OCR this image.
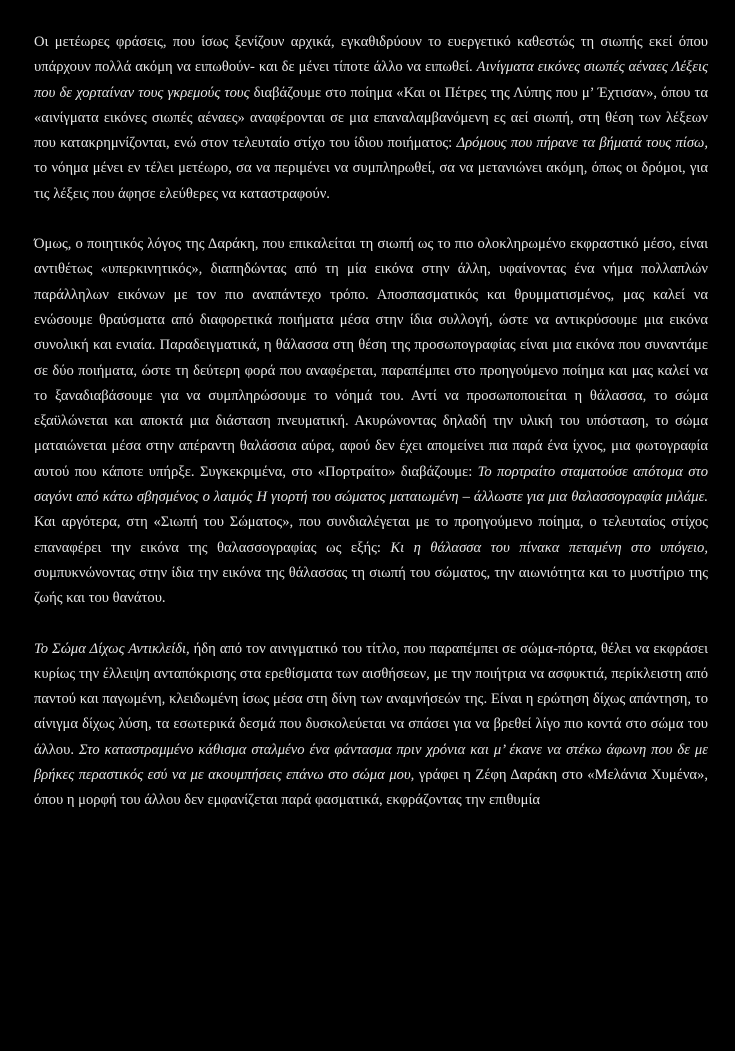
Οι μετέωρες φράσεις, που ίσως ξενίζουν αρχικά, εγκαθιδρύουν το ευεργετικό καθεστώς τη σιωπής εκεί όπου υπάρχουν πολλά ακόμη να ειπωθούν- και δε μένει τίποτε άλλο να ειπωθεί. Αινίγματα εικόνες σιωπές αέναες Λέξεις που δε χορταίναν τους γκρεμούς τους διαβάζουμε στο ποίημα «Και οι Πέτρες της Λύπης που μ’ Έχτισαν», όπου τα «αινίγματα εικόνες σιωπές αέναες» αναφέρονται σε μια επαναλαμβανόμενη ες αεί σιωπή, στη θέση των λέξεων που κατακρημνίζονται, ενώ στον τελευταίο στίχο του ίδιου ποιήματος: Δρόμους που πήρανε τα βήματά τους πίσω, το νόημα μένει εν τέλει μετέωρο, σα να περιμένει να συμπληρωθεί, σα να μετανιώνει ακόμη, όπως οι δρόμοι, για τις λέξεις που άφησε ελεύθερες να καταστραφούν.

Όμως, ο ποιητικός λόγος της Δαράκη, που επικαλείται τη σιωπή ως το πιο ολοκληρωμένο εκφραστικό μέσο, είναι αντιθέτως «υπερκινητικός», διαπηδώντας από τη μία εικόνα στην άλλη, υφαίνοντας ένα νήμα πολλαπλών παράλληλων εικόνων με τον πιο αναπάντεχο τρόπο. Αποσπασματικός και θρυμματισμένος, μας καλεί να ενώσουμε θραύσματα από διαφορετικά ποιήματα μέσα στην ίδια συλλογή, ώστε να αντικρύσουμε μια εικόνα συνολική και ενιαία. Παραδειγματικά, η θάλασσα στη θέση της προσωπογραφίας είναι μια εικόνα που συναντάμε σε δύο ποιήματα, ώστε τη δεύτερη φορά που αναφέρεται, παραπέμπει στο προηγούμενο ποίημα και μας καλεί να το ξαναδιαβάσουμε για να συμπληρώσουμε το νόημά του. Αντί να προσωποποιείται η θάλασσα, το σώμα εξαϋλώνεται και αποκτά μια διάσταση πνευματική. Ακυρώνοντας δηλαδή την υλική του υπόσταση, το σώμα ματαιώνεται μέσα στην απέραντη θαλάσσια αύρα, αφού δεν έχει απομείνει πια παρά ένα ίχνος, μια φωτογραφία αυτού που κάποτε υπήρξε. Συγκεκριμένα, στο «Πορτραίτο» διαβάζουμε: Το πορτραίτο σταματούσε απότομα στο σαγόνι από κάτω σβησμένος ο λαιμός Η γιορτή του σώματος ματαιωμένη – άλλωστε για μια θαλασσογραφία μιλάμε. Και αργότερα, στη «Σιωπή του Σώματος», που συνδιαλέγεται με το προηγούμενο ποίημα, ο τελευταίος στίχος επαναφέρει την εικόνα της θαλασσογραφίας ως εξής: Κι η θάλασσα του πίνακα πεταμένη στο υπόγειο, συμπυκνώνοντας στην ίδια την εικόνα της θάλασσας τη σιωπή του σώματος, την αιωνιότητα και το μυστήριο της ζωής και του θανάτου.

Το Σώμα Δίχως Αντικλείδι, ήδη από τον αινιγματικό του τίτλο, που παραπέμπει σε σώμα-πόρτα, θέλει να εκφράσει κυρίως την έλλειψη ανταπόκρισης στα ερεθίσματα των αισθήσεων, με την ποιήτρια να ασφυκτιά, περίκλειστη από παντού και παγωμένη, κλειδωμένη ίσως μέσα στη δίνη των αναμνήσεών της. Είναι η ερώτηση δίχως απάντηση, το αίνιγμα δίχως λύση, τα εσωτερικά δεσμά που δυσκολεύεται να σπάσει για να βρεθεί λίγο πιο κοντά στο σώμα του άλλου. Στο καταστραμμένο κάθισμα σταλμένο ένα φάντασμα πριν χρόνια και μ’ έκανε να στέκω άφωνη που δε με βρήκες περαστικός εσύ να με ακουμπήσεις επάνω στο σώμα μου, γράφει η Ζέφη Δαράκη στο «Μελάνια Χυμένα», όπου η μορφή του άλλου δεν εμφανίζεται παρά φασματικά, εκφράζοντας την επιθυμία
